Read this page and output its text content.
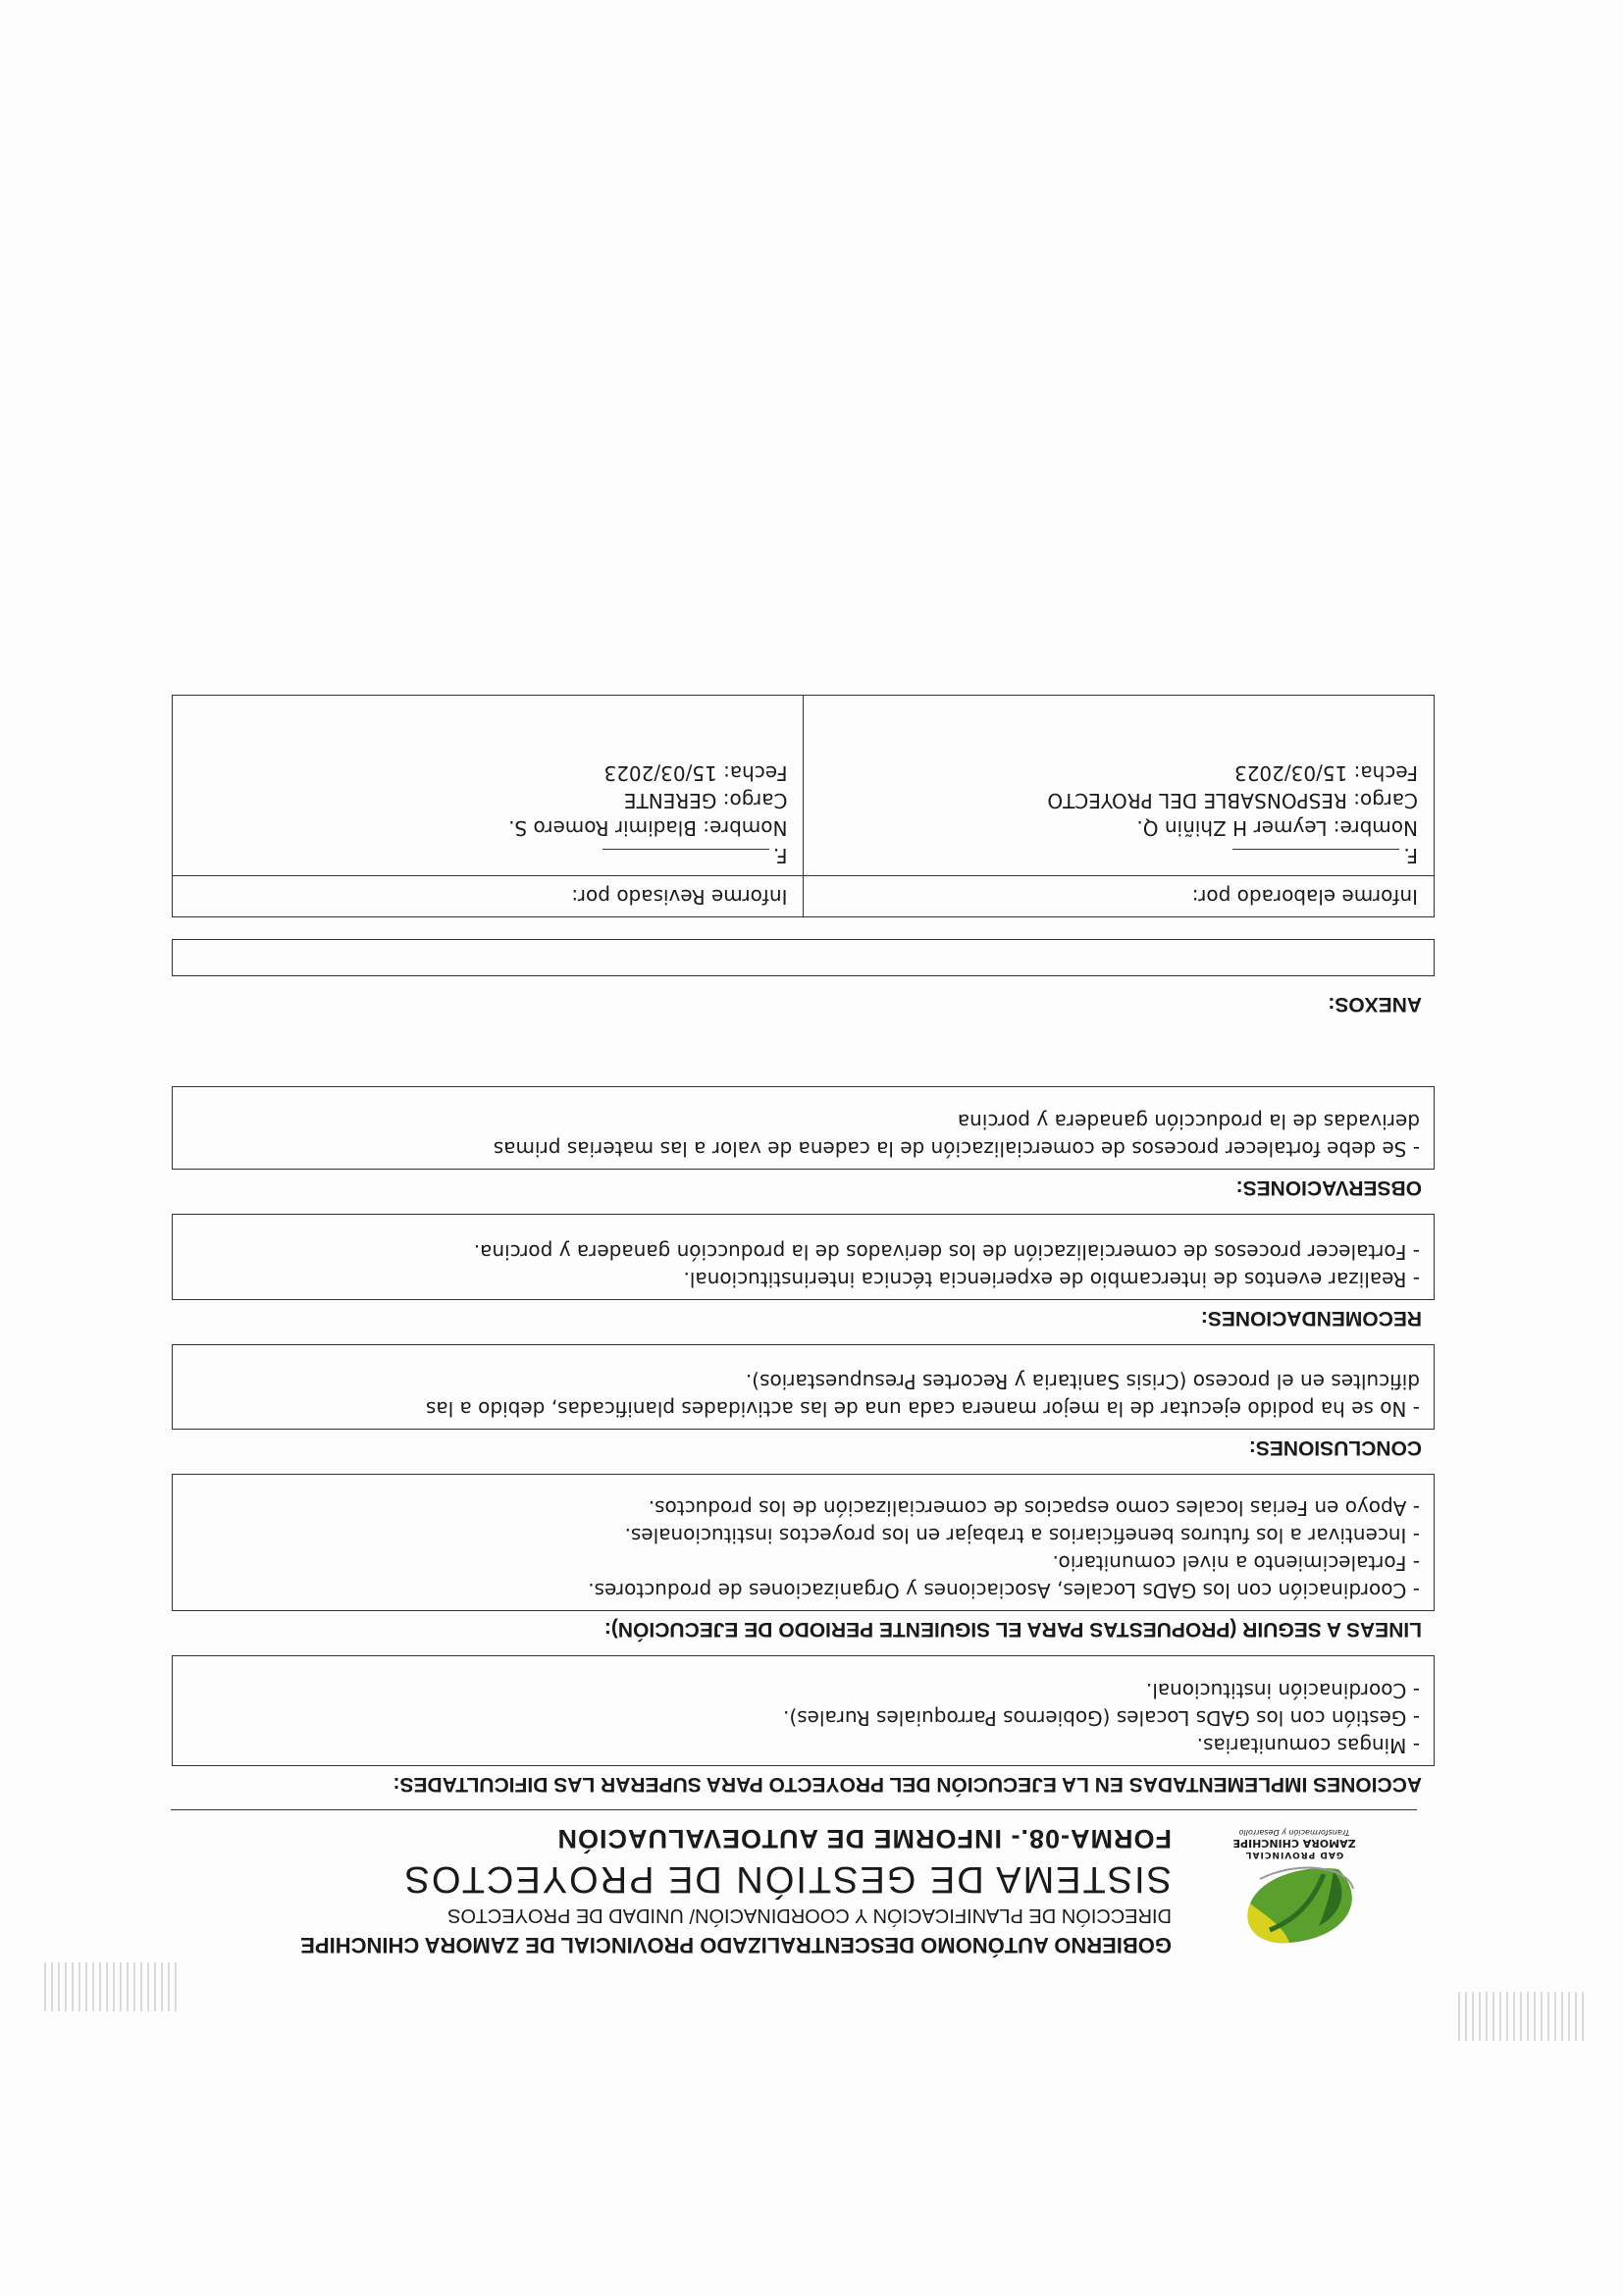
GAD PROVINCIAL
ZAMORA CHINCHIPE
Transformación y Desarrollo
GOBIERNO AUTÓNOMO DESCENTRALIZADO PROVINCIAL DE ZAMORA CHINCHIPE
DIRECCIÓN DE PLANIFICACIÓN Y COORDINACIÓN/ UNIDAD DE PROYECTOS
SISTEMA DE GESTIÓN DE PROYECTOS
FORMA-08.- INFORME DE AUTOEVALUACIÓN
ACCIONES IMPLEMENTADAS EN LA EJECUCIÓN DEL PROYECTO PARA SUPERAR LAS DIFICULTADES:
- Mingas comunitarias.
- Gestión con los GADs Locales (Gobiernos Parroquiales Rurales).
- Coordinación institucional.
LINEAS A SEGUIR (PROPUESTAS PARA EL SIGUIENTE PERIODO DE EJECUCIÓN):
- Coordinación con los GADs Locales, Asociaciones y Organizaciones de productores.
- Fortalecimiento a nivel comunitario.
- Incentivar a los futuros beneficiarios a trabajar en los proyectos institucionales.
- Apoyo en Ferias locales como espacios de comercialización de los productos.
CONCLUSIONES:
- No se ha podido ejecutar de la mejor manera cada una de las actividades planificadas, debido a las
dificultes en el proceso (Crisis Sanitaria y Recortes Presupuestarios).
RECOMENDACIONES:
- Realizar eventos de intercambio de experiencia técnica interinstitucional.
- Fortalecer procesos de comercialización de los derivados de la producción ganadera y porcina.
OBSERVACIONES:
- Se debe fortalecer procesos de comercialización de la cadena de valor a las materias primas
derivadas de la producción ganadera y porcina
ANEXOS:
Informe elaborado por:
F.
Nombre: Leymer H Zhiñin Q.
Cargo: RESPONSABLE DEL PROYECTO
Fecha: 15/03/2023
Informe Revisado por:
F.
Nombre: Bladimir Romero S.
Cargo: GERENTE
Fecha: 15/03/2023
